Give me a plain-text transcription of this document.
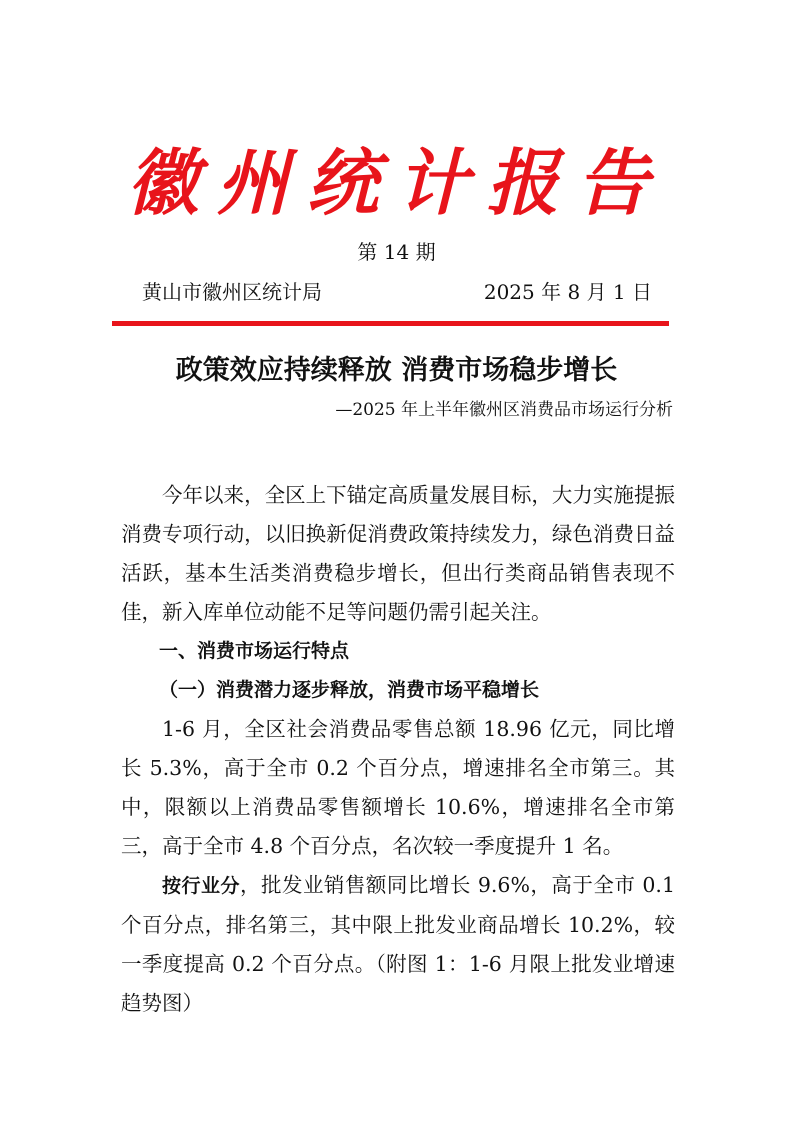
徽州统计报告
第 14 期
黄山市徽州区统计局	2025 年 8 月 1 日
政策效应持续释放 消费市场稳步增长
—2025 年上半年徽州区消费品市场运行分析

今年以来，全区上下锚定高质量发展目标，大力实施提振消费专项行动，以旧换新促消费政策持续发力，绿色消费日益活跃，基本生活类消费稳步增长，但出行类商品销售表现不佳，新入库单位动能不足等问题仍需引起关注。

一、消费市场运行特点

（一）消费潜力逐步释放，消费市场平稳增长

1-6 月，全区社会消费品零售总额 18.96 亿元，同比增长 5.3%，高于全市 0.2 个百分点，增速排名全市第三。其中，限额以上消费品零售额增长 10.6%，增速排名全市第三，高于全市 4.8 个百分点，名次较一季度提升 1 名。

按行业分，批发业销售额同比增长 9.6%，高于全市 0.1 个百分点，排名第三，其中限上批发业商品增长 10.2%，较一季度提高 0.2 个百分点。（附图 1：1-6 月限上批发业增速趋势图）
